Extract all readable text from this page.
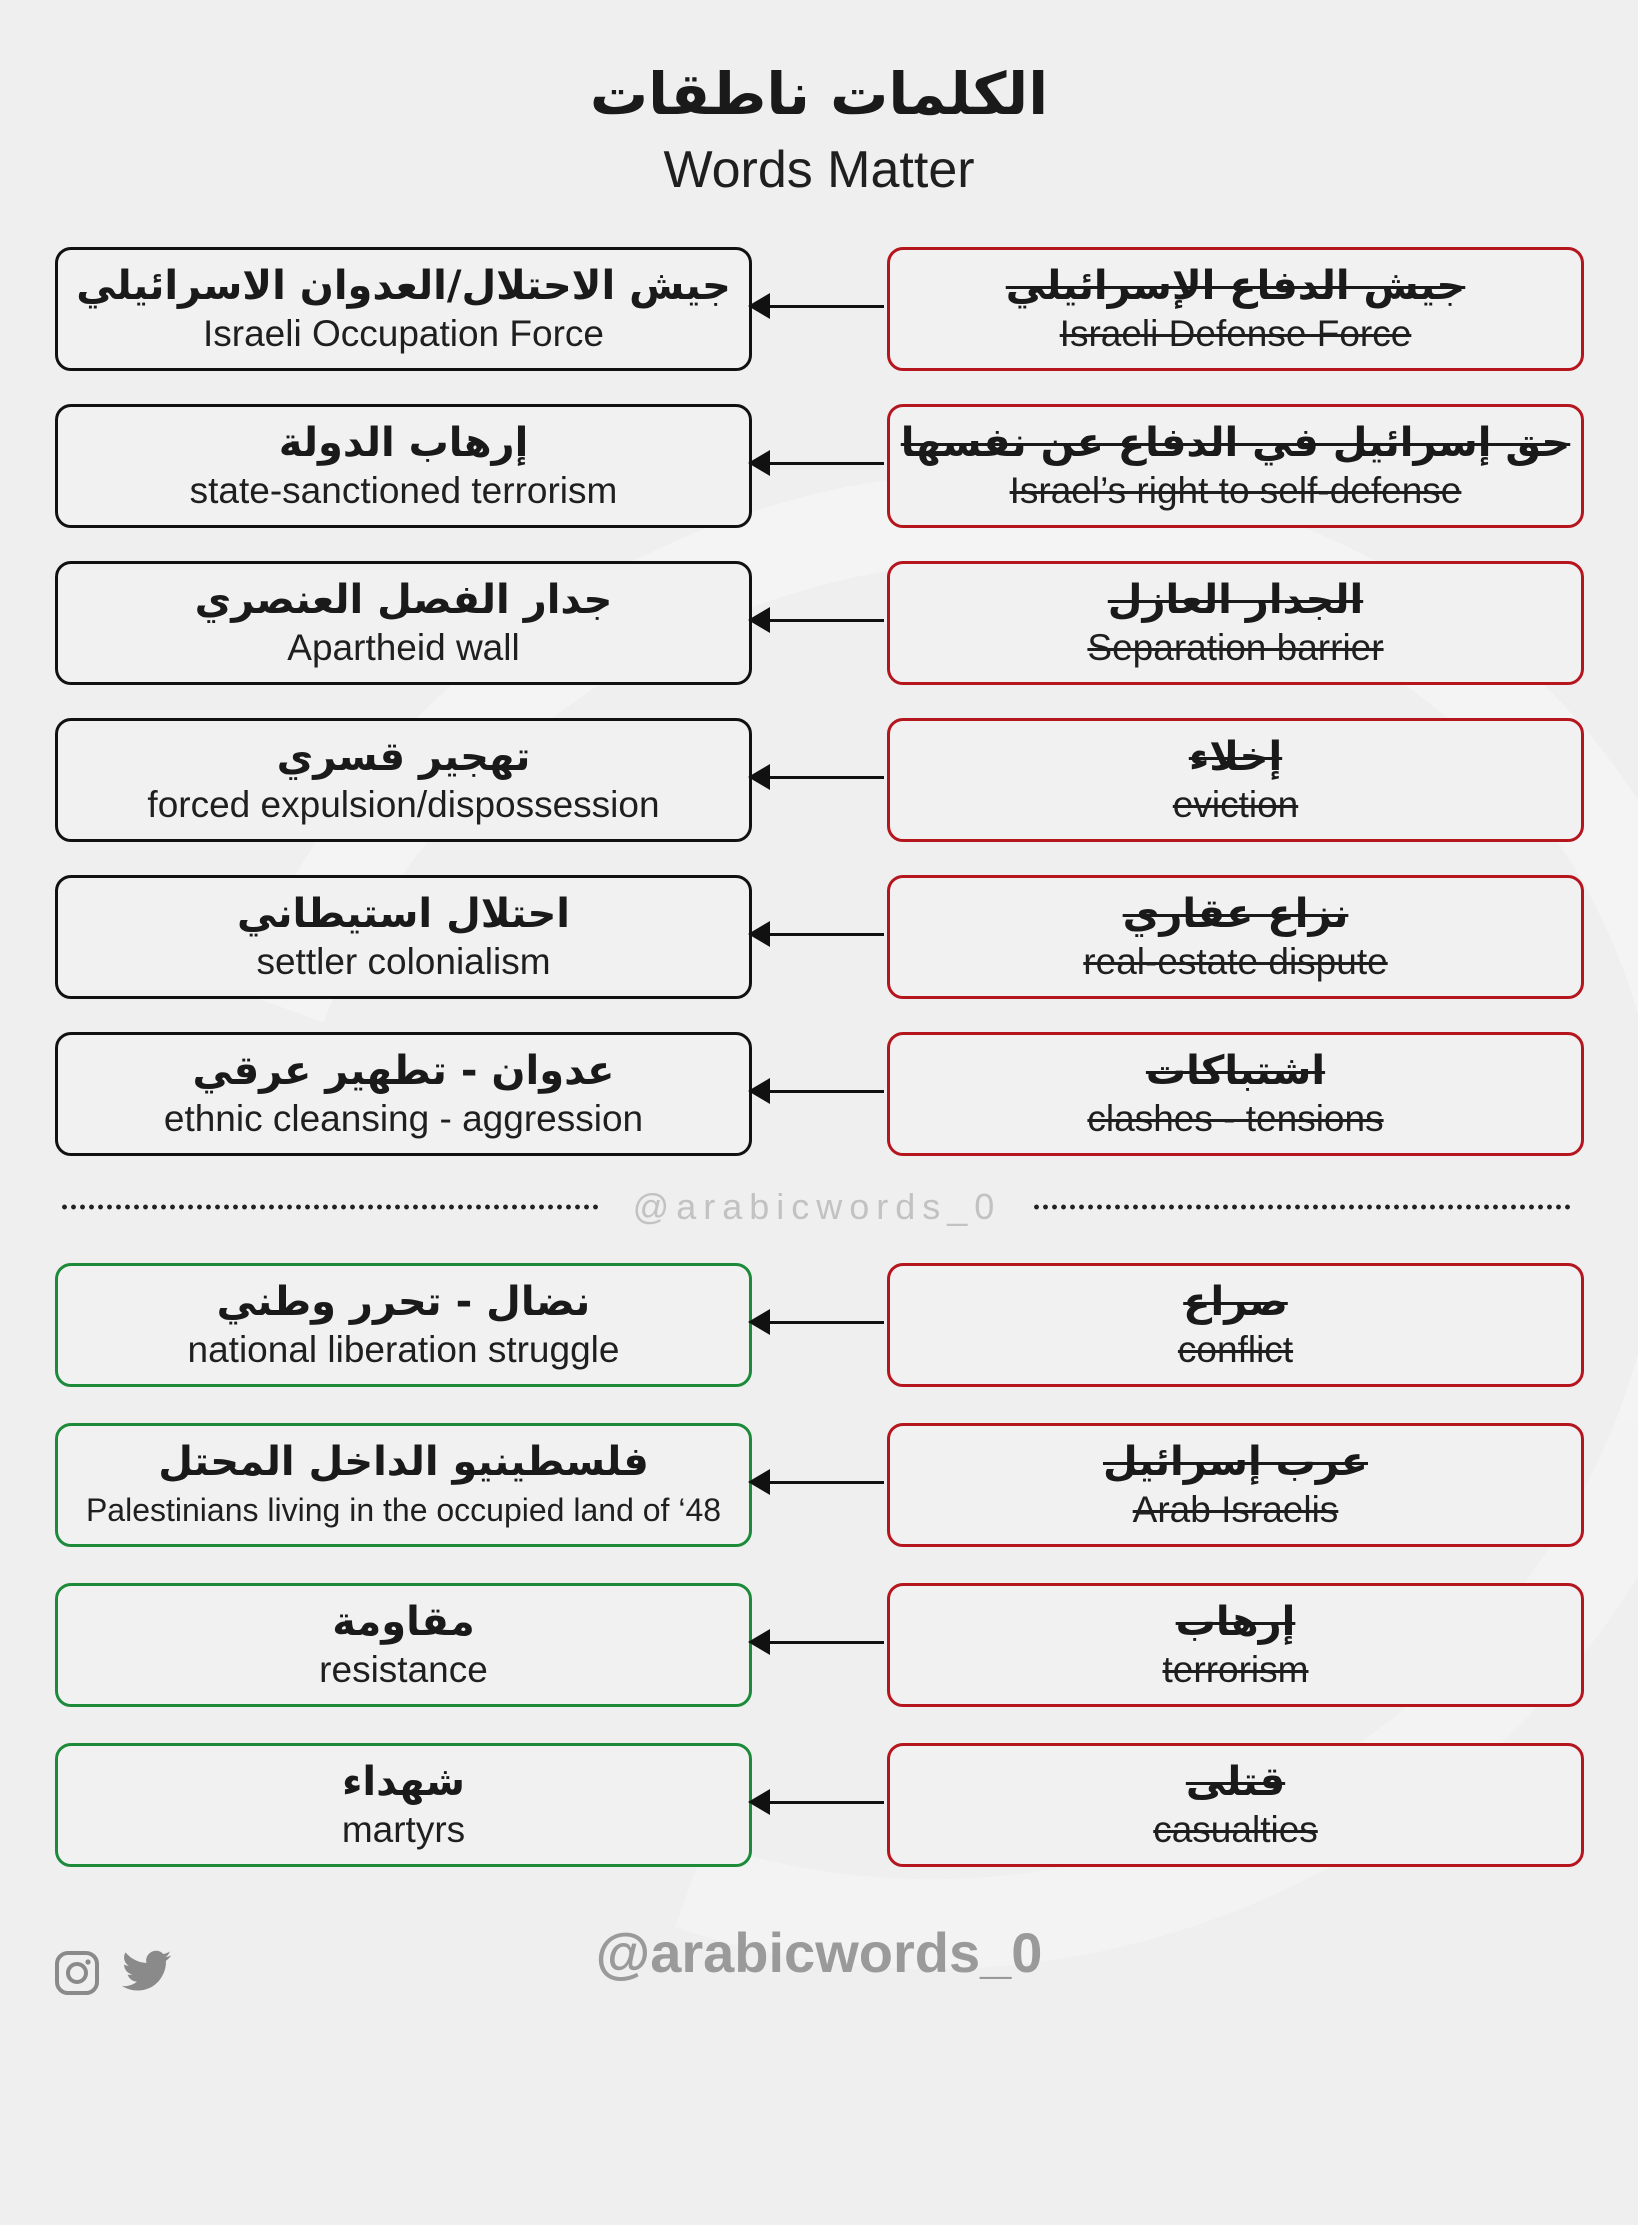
الكلمات ناطقات
Words Matter
جيش الاحتلال/العدوان الاسرائيلي
Israeli Occupation Force
جيش الدفاع الإسرائيلي
Israeli Defense Force
إرهاب الدولة
state-sanctioned terrorism
حق إسرائيل في الدفاع عن نفسها
Israel’s right to self-defense
جدار الفصل العنصري
Apartheid wall
الجدار العازل
Separation barrier
تهجير قسري
forced expulsion/dispossession
إخلاء
eviction
احتلال استيطاني
settler colonialism
نزاع عقاري
real-estate dispute
عدوان - تطهير عرقي
ethnic cleansing - aggression
اشتباكات
clashes - tensions
@arabicwords_0
نضال - تحرر وطني
national liberation struggle
صراع
conflict
فلسطينيو الداخل المحتل
Palestinians living in the occupied land of ‘48
عرب إسرائيل
Arab Israelis
مقاومة
resistance
إرهاب
terrorism
شهداء
martyrs
قتلى
casualties
@arabicwords_0
